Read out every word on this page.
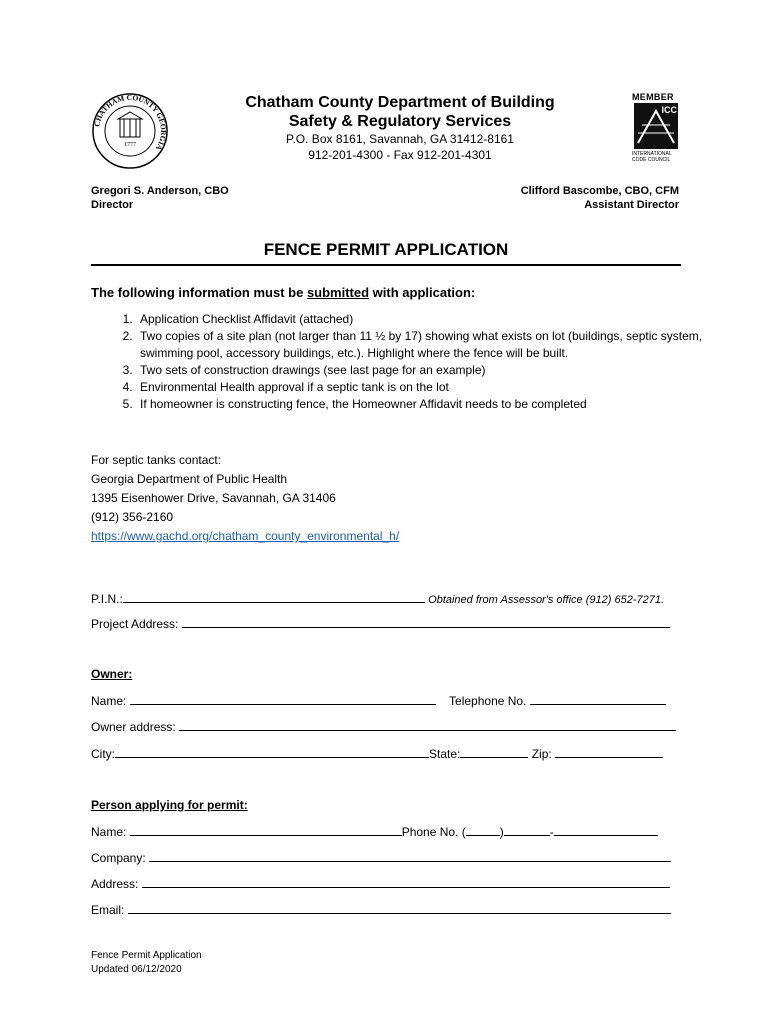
CHATHAM COUNTY GEORGIA
1777
Chatham County Department of Building
Safety & Regulatory Services
P.O. Box 8161, Savannah, GA 31412-8161
912-201-4300 - Fax 912-201-4301
MEMBER
ICC
INTERNATIONAL CODE COUNCIL
Gregori S. Anderson, CBO
Director
Clifford Bascombe, CBO, CFM
Assistant Director
FENCE PERMIT APPLICATION
The following information must be submitted with application:
1. Application Checklist Affidavit (attached)
2. Two copies of a site plan (not larger than 11 ½ by 17) showing what exists on lot (buildings, septic system, swimming pool, accessory buildings, etc.). Highlight where the fence will be built.
3. Two sets of construction drawings (see last page for an example)
4. Environmental Health approval if a septic tank is on the lot
5. If homeowner is constructing fence, the Homeowner Affidavit needs to be completed
For septic tanks contact:
Georgia Department of Public Health
1395 Eisenhower Drive, Savannah, GA 31406
(912) 356-2160
https://www.gachd.org/chatham_county_environmental_h/
P.I.N.:	Obtained from Assessor's office (912) 652-7271.
Project Address:
Owner:
Name:	Telephone No.
Owner address:
City:	State:	Zip:
Person applying for permit:
Name:	Phone No. (	)	-
Company:
Address:
Email:
Fence Permit Application
Updated 06/12/2020
